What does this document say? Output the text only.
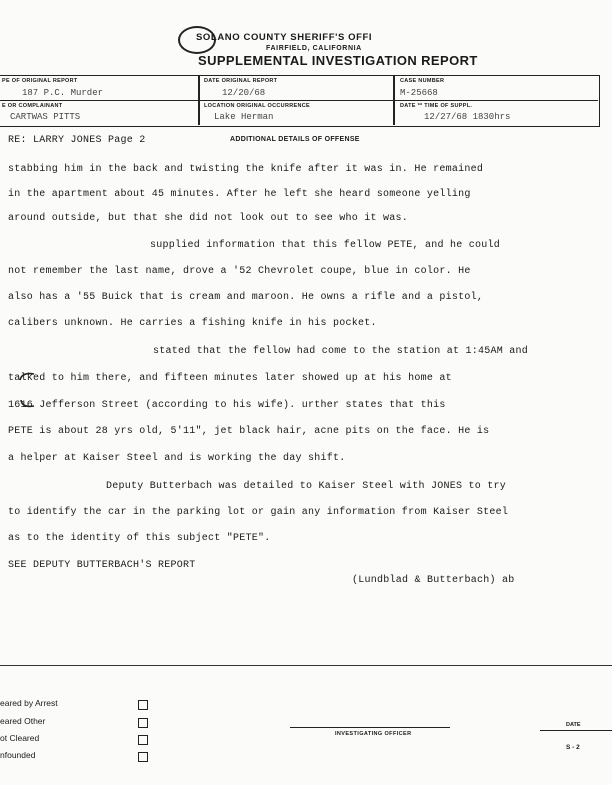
SOLANO COUNTY SHERIFF'S OFFI
FAIRFIELD, CALIFORNIA
SUPPLEMENTAL INVESTIGATION REPORT
PE OF ORIGINAL REPORT
187 P.C. Murder
DATE ORIGINAL REPORT
12/20/68
CASE NUMBER
M-25668
E OR COMPLAINANT
CARTWAS PITTS
LOCATION ORIGINAL OCCURRENCE
Lake Herman
DATE ** TIME OF SUPPL.
12/27/68 1830hrs
RE: LARRY JONES Page 2	ADDITIONAL DETAILS OF OFFENSE
stabbing him in the back and twisting the knife after it was in. He remained
in the apartment about 45 minutes. After he left she heard someone yelling
around outside, but that she did not look out to see who it was.
supplied information that this fellow PETE, and he could
not remember the last name, drove a '52 Chevrolet coupe, blue in color. He
also has a '55 Buick that is cream and maroon. He owns a rifle and a pistol,
calibers unknown. He carries a fishing knife in his pocket.
stated that the fellow had come to the station at 1:45AM and
talked to him there, and fifteen minutes later showed up at his home at
1616 Jefferson Street (according to his wife). urther states that this
PETE is about 28 yrs old, 5'11", jet black hair, acne pits on the face. He is
a helper at Kaiser Steel and is working the day shift.
Deputy Butterbach was detailed to Kaiser Steel with JONES to try
to identify the car in the parking lot or gain any information from Kaiser Steel
as to the identity of this subject "PETE".
SEE DEPUTY BUTTERBACH'S REPORT
(Lundblad & Butterbach) ab
eared by Arrest
eared Other
ot Cleared
nfounded
INVESTIGATING OFFICER
DATE
S - 2
